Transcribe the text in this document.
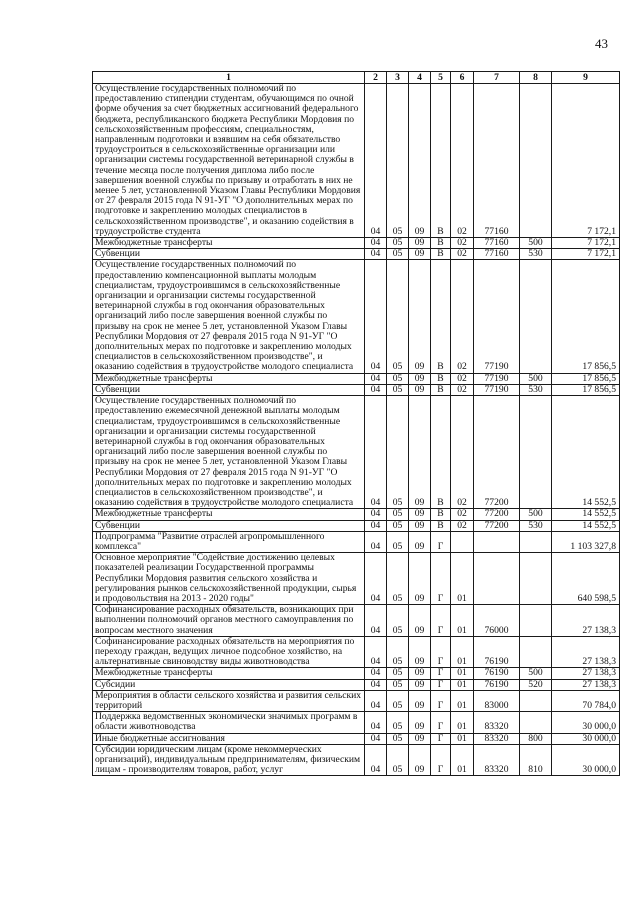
43
1	2	3	4	5	6	7	8	9
Осуществление государственных полномочий по предоставлению стипендии студентам, обучающимся по очной форме обучения за счет бюджетных ассигнований федерального бюджета, республиканского бюджета Республики Мордовия по сельскохозяйственным профессиям, специальностям, направленным подготовки и взявшим на себя обязательство трудоустроиться в сельскохозяйственные организации или организации системы государственной ветеринарной службы в течение месяца после получения диплома либо после завершения военной службы по призыву и отработать в них не менее 5 лет, установленной Указом Главы Республики Мордовия от 27 февраля 2015 года N 91-УГ "О дополнительных мерах по подготовке и закреплению молодых специалистов в сельскохозяйственном производстве", и оказанию содействия в трудоустройстве студента	04	05	09	В	02	77160		7 172,1
Межбюджетные трансферты	04	05	09	В	02	77160	500	7 172,1
Субвенции	04	05	09	В	02	77160	530	7 172,1
Осуществление государственных полномочий по предоставлению компенсационной выплаты молодым специалистам, трудоустроившимся в сельскохозяйственные организации и организации системы государственной ветеринарной службы в год окончания образовательных организаций либо после завершения военной службы по призыву на срок не менее 5 лет, установленной Указом Главы Республики Мордовия от 27 февраля 2015 года N 91-УГ "О дополнительных мерах по подготовке и закреплению молодых специалистов в сельскохозяйственном производстве", и оказанию содействия в трудоустройстве молодого специалиста	04	05	09	В	02	77190		17 856,5
Межбюджетные трансферты	04	05	09	В	02	77190	500	17 856,5
Субвенции	04	05	09	В	02	77190	530	17 856,5
Осуществление государственных полномочий по предоставлению ежемесячной денежной выплаты молодым специалистам, трудоустроившимся в сельскохозяйственные организации и организации системы государственной ветеринарной службы в год окончания образовательных организаций либо после завершения военной службы по призыву на срок не менее 5 лет, установленной Указом Главы Республики Мордовия от 27 февраля 2015 года N 91-УГ "О дополнительных мерах по подготовке и закреплению молодых специалистов в сельскохозяйственном производстве", и оказанию содействия в трудоустройстве молодого специалиста	04	05	09	В	02	77200		14 552,5
Межбюджетные трансферты	04	05	09	В	02	77200	500	14 552,5
Субвенции	04	05	09	В	02	77200	530	14 552,5
Подпрограмма "Развитие отраслей агропромышленного комплекса"	04	05	09	Г				1 103 327,8
Основное мероприятие "Содействие достижению целевых показателей реализации Государственной программы Республики Мордовия развития сельского хозяйства и регулирования рынков сельскохозяйственной продукции, сырья и продовольствия на 2013 - 2020 годы"	04	05	09	Г	01			640 598,5
Софинансирование расходных обязательств, возникающих при выполнении полномочий органов местного самоуправления по вопросам местного значения	04	05	09	Г	01	76000		27 138,3
Софинансирование расходных обязательств на мероприятия по переходу граждан, ведущих личное подсобное хозяйство, на альтернативные свиноводству виды животноводства	04	05	09	Г	01	76190		27 138,3
Межбюджетные трансферты	04	05	09	Г	01	76190	500	27 138,3
Субсидии	04	05	09	Г	01	76190	520	27 138,3
Мероприятия в области сельского хозяйства и развития сельских территорий	04	05	09	Г	01	83000		70 784,0
Поддержка ведомственных экономически значимых программ в области животноводства	04	05	09	Г	01	83320		30 000,0
Иные бюджетные ассигнования	04	05	09	Г	01	83320	800	30 000,0
Субсидии юридическим лицам (кроме некоммерческих организаций), индивидуальным предпринимателям, физическим лицам - производителям товаров, работ, услуг	04	05	09	Г	01	83320	810	30 000,0
